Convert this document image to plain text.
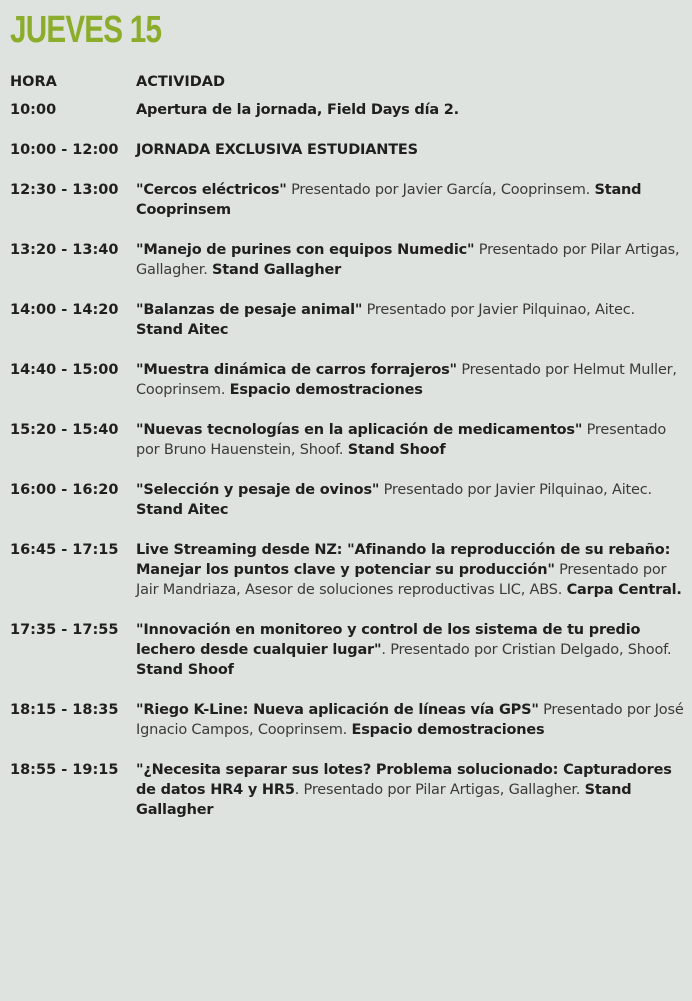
JUEVES 15
HORA	ACTIVIDAD
10:00	Apertura de la jornada, Field Days día 2.
10:00 - 12:00 JORNADA EXCLUSIVA ESTUDIANTES
12:30 - 13:00 "Cercos eléctricos" Presentado por Javier García, Cooprinsem. Stand Cooprinsem
13:20 - 13:40 "Manejo de purines con equipos Numedic" Presentado por Pilar Artigas, Gallagher. Stand Gallagher
14:00 - 14:20 "Balanzas de pesaje animal" Presentado por Javier Pilquinao, Aitec. Stand Aitec
14:40 - 15:00 "Muestra dinámica de carros forrajeros" Presentado por Helmut Muller, Cooprinsem. Espacio demostraciones
15:20 - 15:40 "Nuevas tecnologías en la aplicación de medicamentos" Presentado por Bruno Hauenstein, Shoof. Stand Shoof
16:00 - 16:20 "Selección y pesaje de ovinos" Presentado por Javier Pilquinao, Aitec. Stand Aitec
16:45 - 17:15 Live Streaming desde NZ: "Afinando la reproducción de su rebaño: Manejar los puntos clave y potenciar su producción" Presentado por Jair Mandriaza, Asesor de soluciones reproductivas LIC, ABS. Carpa Central.
17:35 - 17:55 "Innovación en monitoreo y control de los sistema de tu predio lechero desde cualquier lugar". Presentado por Cristian Delgado, Shoof. Stand Shoof
18:15 - 18:35 "Riego K-Line: Nueva aplicación de líneas vía GPS" Presentado por José Ignacio Campos, Cooprinsem. Espacio demostraciones
18:55 - 19:15 "¿Necesita separar sus lotes? Problema solucionado: Capturadores de datos HR4 y HR5. Presentado por Pilar Artigas, Gallagher. Stand Gallagher
